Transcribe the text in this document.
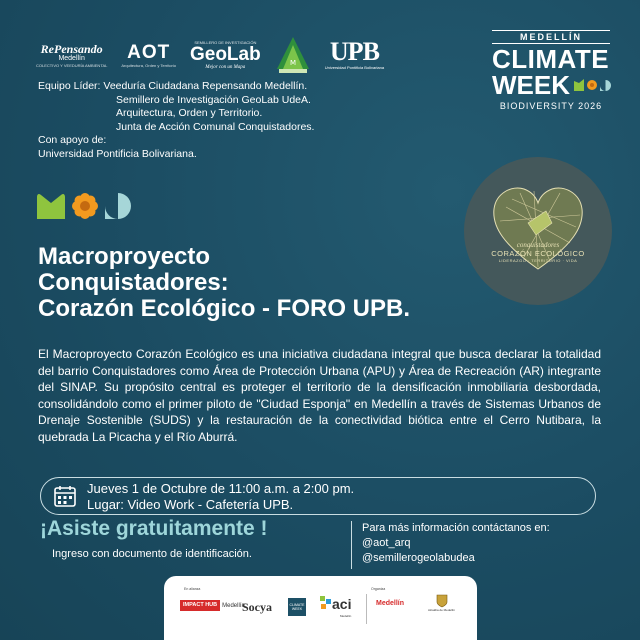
RePensando
Medellín
COLECTIVO Y VEEDURÍA AMBIENTAL
AOT
Arquitectura, Orden y Territorio
SEMILLERO DE INVESTIGACIÓN
GeoLab
Mejor con un Mapa	M UPB
Universidad Pontificia Bolivariana
MEDELLÍN
CLIMATE
WEEK
BIODIVERSITY 2026
Equipo Líder: Veeduría Ciudadana Repensando Medellín.
Semillero de Investigación GeoLab UdeA.
Arquitectura, Orden y Territorio.
Junta de Acción Comunal Conquistadores.
Con apoyo de:
Universidad Pontificia Bolivariana.
Macroproyecto
Conquistadores:
Corazón Ecológico - FORO UPB.
conquistadores
CORAZÓN ECOLÓGICO
LIDERAZGO · TERRITORIO · VIDA
El Macroproyecto Corazón Ecológico es una iniciativa ciudadana integral que busca declarar la totalidad del barrio Conquistadores como Área de Protección Urbana (APU) y Área de Recreación (AR) integrante del SINAP. Su propósito central es proteger el territorio de la densificación inmobiliaria desbordada, consolidándolo como el primer piloto de "Ciudad Esponja" en Medellín a través de Sistemas Urbanos de Drenaje Sostenible (SUDS) y la restauración de la conectividad biótica entre el Cerro Nutibara, la quebrada La Picacha y el Río Aburrá.
Jueves 1 de Octubre de 11:00 a.m. a 2:00 pm.
Lugar: Video Work - Cafetería UPB.
¡Asiste gratuitamente !
Ingreso con documento de identificación.
Para más información contáctanos en:
@aot_arq
@semillerogeolabudea
En alianza	Organiza
IMPACT HUB Medellín
Socya	CLIMATE WEEK aci
Medellín
Medellín
Alcaldía de Medellín
